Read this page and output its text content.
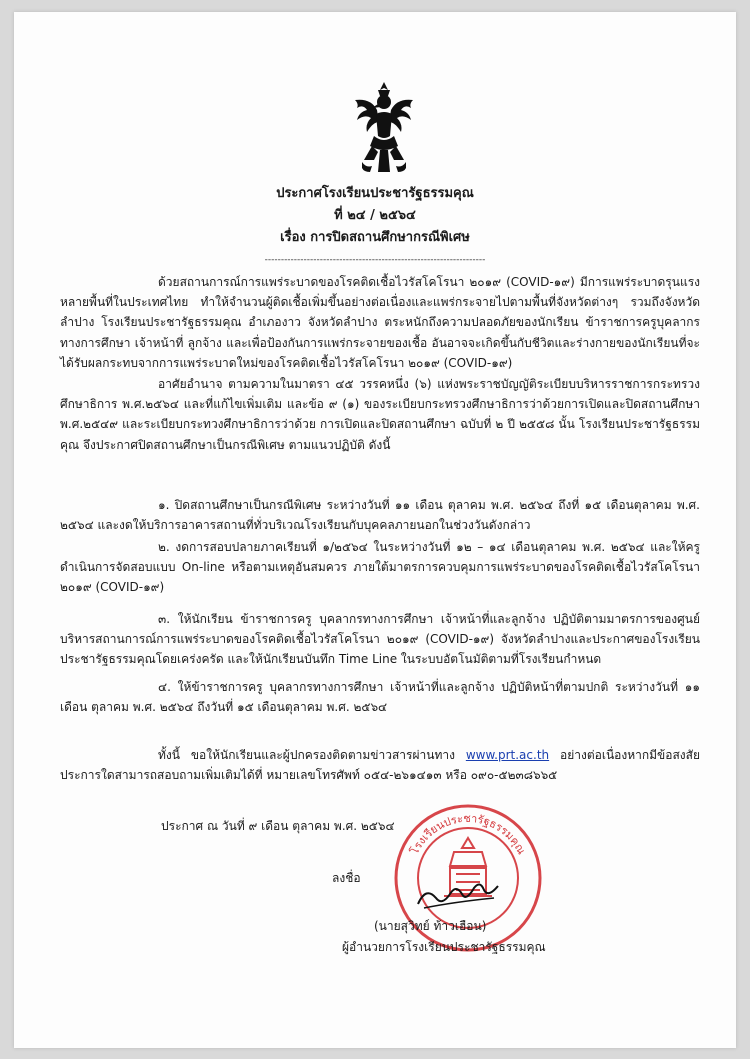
ประกาศโรงเรียนประชารัฐธรรมคุณ
ที่ ๒๔ / ๒๕๖๔
เรื่อง การปิดสถานศึกษากรณีพิเศษ
--------------------------------------------------------------------

ด้วยสถานการณ์การแพร่ระบาดของโรคติดเชื้อไวรัสโคโรนา ๒๐๑๙ (COVID-๑๙) มีการแพร่ระบาดรุนแรงหลายพื้นที่ในประเทศไทย ทำให้จำนวนผู้ติดเชื้อเพิ่มขึ้นอย่างต่อเนื่องและแพร่กระจายไปตามพื้นที่จังหวัดต่างๆ รวมถึงจังหวัดลำปาง โรงเรียนประชารัฐธรรมคุณ อำเภองาว จังหวัดลำปาง ตระหนักถึงความปลอดภัยของนักเรียน ข้าราชการครูบุคลากรทางการศึกษา เจ้าหน้าที่ ลูกจ้าง และเพื่อป้องกันการแพร่กระจายของเชื้อ อันอาจจะเกิดขึ้นกับชีวิตและร่างกายของนักเรียนที่จะได้รับผลกระทบจากการแพร่ระบาดใหม่ของโรคติดเชื้อไวรัสโคโรนา ๒๐๑๙ (COVID-๑๙)

อาศัยอำนาจ ตามความในมาตรา ๔๕ วรรคหนึ่ง (๖) แห่งพระราชบัญญัติระเบียบบริหารราชการกระทรวงศึกษาธิการ พ.ศ.๒๕๖๔ และที่แก้ไขเพิ่มเติม และข้อ ๙ (๑) ของระเบียบกระทรวงศึกษาธิการว่าด้วยการเปิดและปิดสถานศึกษา พ.ศ.๒๕๔๙ และระเบียบกระทวงศึกษาธิการว่าด้วย การเปิดและปิดสถานศึกษา ฉบับที่ ๒ ปี ๒๕๕๘ นั้น โรงเรียนประชารัฐธรรมคุณ จึงประกาศปิดสถานศึกษาเป็นกรณีพิเศษ ตามแนวปฏิบัติ ดังนี้

๑. ปิดสถานศึกษาเป็นกรณีพิเศษ ระหว่างวันที่ ๑๑ เดือน ตุลาคม พ.ศ. ๒๕๖๔ ถึงที่ ๑๕ เดือนตุลาคม พ.ศ. ๒๕๖๔ และงดให้บริการอาคารสถานที่ทั่วบริเวณโรงเรียนกับบุคคลภายนอกในช่วงวันดังกล่าว

๒. งดการสอบปลายภาคเรียนที่ ๑/๒๕๖๔ ในระหว่างวันที่ ๑๒ – ๑๔ เดือนตุลาคม พ.ศ. ๒๕๖๔ และให้ครูดำเนินการจัดสอบแบบ On-line หรือตามเหตุอันสมควร ภายใต้มาตรการควบคุมการแพร่ระบาดของโรคติดเชื้อไวรัสโคโรนา ๒๐๑๙ (COVID-๑๙)

๓. ให้นักเรียน ข้าราชการครู บุคลากรทางการศึกษา เจ้าหน้าที่และลูกจ้าง ปฏิบัติตามมาตรการของศูนย์บริหารสถานการณ์การแพร่ระบาดของโรคติดเชื้อไวรัสโคโรนา ๒๐๑๙ (COVID-๑๙) จังหวัดลำปางและประกาศของโรงเรียนประชารัฐธรรมคุณโดยเคร่งครัด และให้นักเรียนบันทึก Time Line ในระบบอัตโนมัติตามที่โรงเรียนกำหนด

๔. ให้ข้าราชการครู บุคลากรทางการศึกษา เจ้าหน้าที่และลูกจ้าง ปฏิบัติหน้าที่ตามปกติ ระหว่างวันที่ ๑๑ เดือน ตุลาคม พ.ศ. ๒๕๖๔ ถึงวันที่ ๑๕ เดือนตุลาคม พ.ศ. ๒๕๖๔

ทั้งนี้ ขอให้นักเรียนและผู้ปกครองติดตามข่าวสารผ่านทาง www.prt.ac.th อย่างต่อเนื่องหากมีข้อสงสัยประการใดสามารถสอบถามเพิ่มเติมได้ที่ หมายเลขโทรศัพท์ ๐๕๔-๒๖๑๔๑๓ หรือ ๐๙๐-๕๒๓๘๖๖๕

ประกาศ ณ วันที่ ๙ เดือน ตุลาคม พ.ศ. ๒๕๖๔
โรงเรียนประชารัฐธรรมคุณ
ลงชื่อ
(นายสุวิทย์ ท้าวเฮือน)
ผู้อำนวยการโรงเรียนประชารัฐธรรมคุณ
